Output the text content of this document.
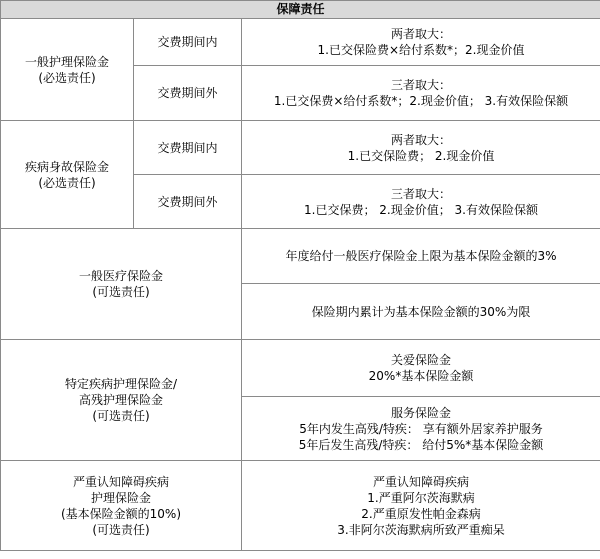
保障责任		

一般护理保险金
(必选责任)	交费期间内	两者取大：
1.已交保险费×给付系数*；2.现金价值

	交费期间外	三者取大：
1.已交保费×给付系数*；2.现金价值； 3.有效保险保额

疾病身故保险金
(必选责任)	交费期间内	两者取大：
1.已交保险费； 2.现金价值

	交费期间外	三者取大：
1.已交保费； 2.现金价值； 3.有效保险保额

一般医疗保险金
(可选责任)		年度给付一般医疗保险金上限为基本保险金额的3%

		保险期内累计为基本保险金额的30%为限

特定疾病护理保险金/
高残护理保险金
(可选责任)		关爱保险金
20%*基本保险金额

		服务保险金
5年内发生高残/特疾： 享有额外居家养护服务
5年后发生高残/特疾： 给付5%*基本保险金额

严重认知障碍疾病
护理保险金
(基本保险金额的10%)
(可选责任)		严重认知障碍疾病
1.严重阿尔茨海默病
2.严重原发性帕金森病
3.非阿尔茨海默病所致严重痴呆
